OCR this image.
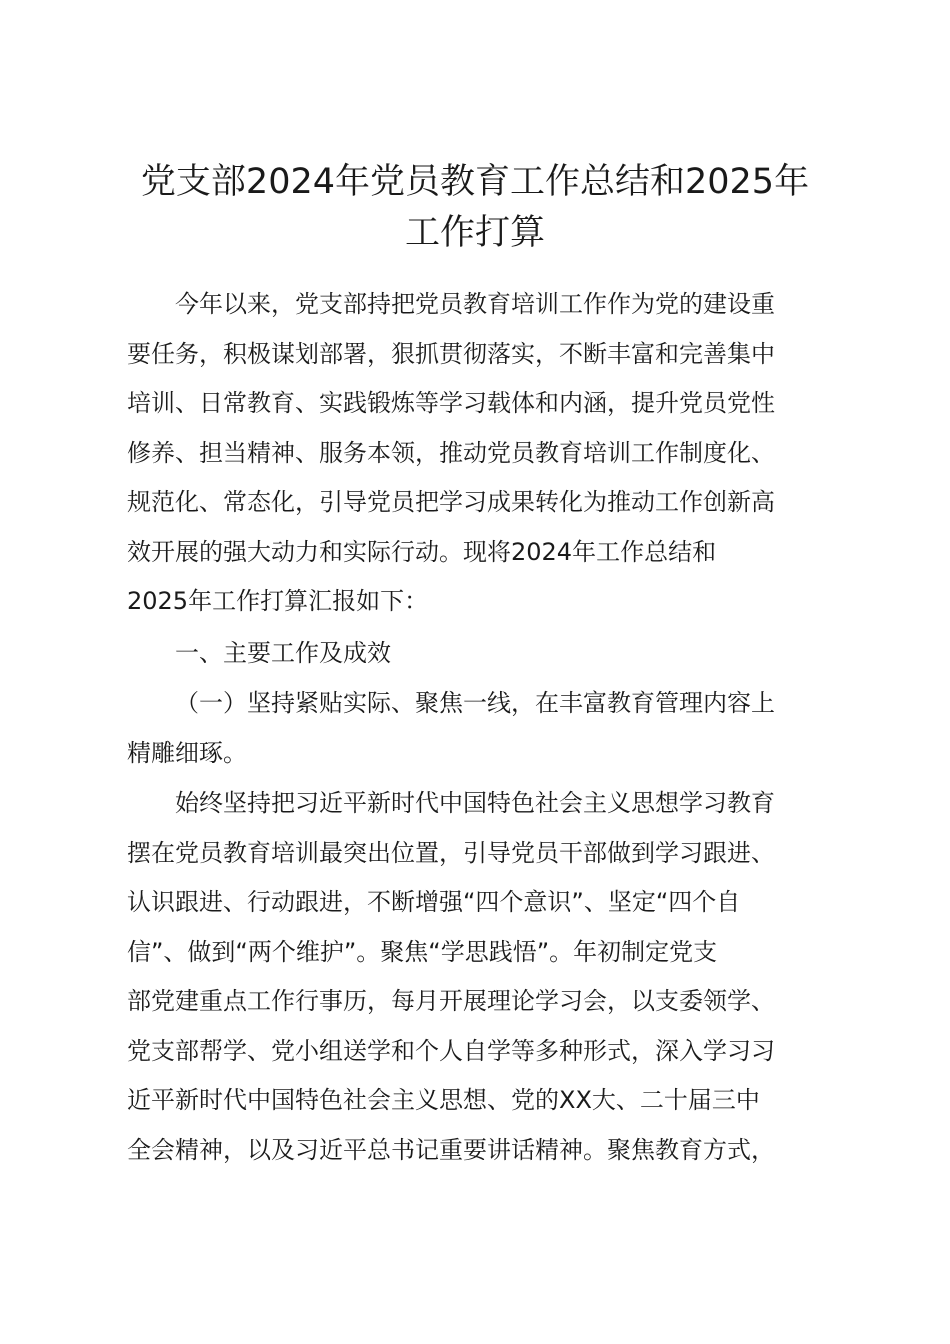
党支部2024年党员教育工作总结和2025年
工作打算
今年以来，党支部持把党员教育培训工作作为党的建设重
要任务，积极谋划部署，狠抓贯彻落实，不断丰富和完善集中
培训、日常教育、实践锻炼等学习载体和内涵，提升党员党性
修养、担当精神、服务本领，推动党员教育培训工作制度化、
规范化、常态化，引导党员把学习成果转化为推动工作创新高
效开展的强大动力和实际行动。现将2024年工作总结和
2025年工作打算汇报如下：
一、主要工作及成效
（一）坚持紧贴实际、聚焦一线，在丰富教育管理内容上
精雕细琢。
始终坚持把习近平新时代中国特色社会主义思想学习教育
摆在党员教育培训最突出位置，引导党员干部做到学习跟进、
认识跟进、行动跟进，不断增强“四个意识”、坚定“四个自
信”、做到“两个维护”。聚焦“学思践悟”。年初制定党支
部党建重点工作行事历，每月开展理论学习会，以支委领学、
党支部帮学、党小组送学和个人自学等多种形式，深入学习习
近平新时代中国特色社会主义思想、党的XX大、二十届三中
全会精神，以及习近平总书记重要讲话精神。聚焦教育方式，
